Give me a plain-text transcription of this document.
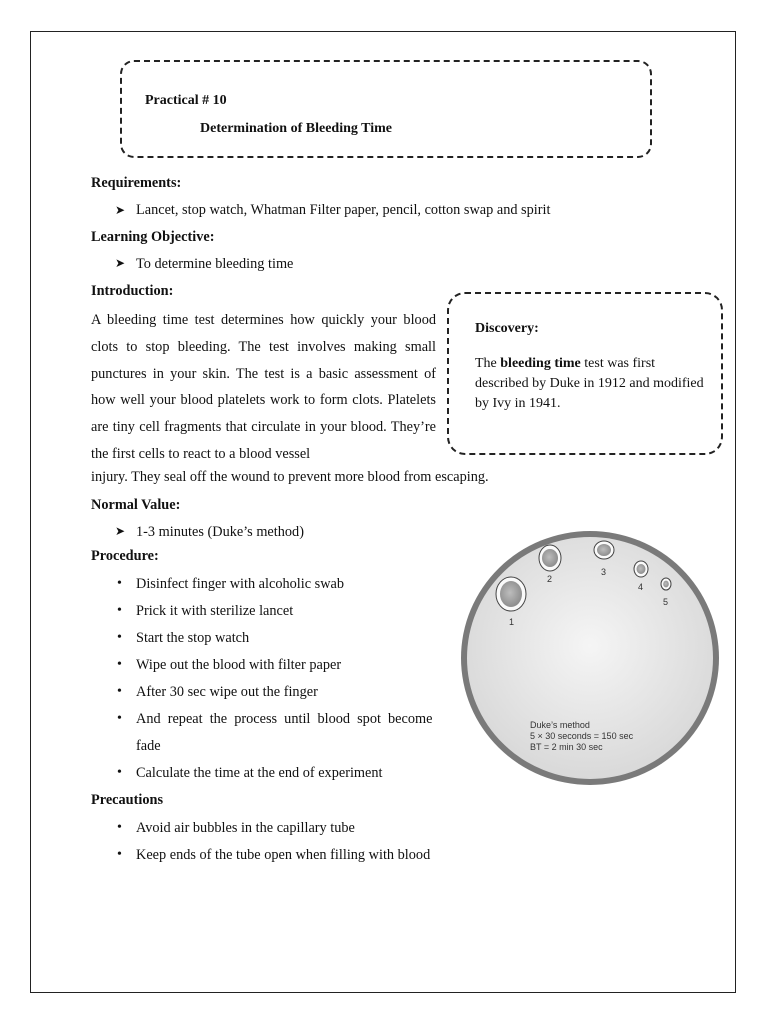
Practical # 10
Determination of Bleeding Time
Requirements:
➤ Lancet, stop watch, Whatman Filter paper, pencil, cotton swap and spirit
Learning Objective:
➤ To determine bleeding time
Introduction:
A bleeding time test determines how quickly your blood clots to stop bleeding. The test involves making small punctures in your skin. The test is a basic assessment of how well your blood platelets work to form clots. Platelets are tiny cell fragments that circulate in your blood. They’re the first cells to react to a blood vessel
injury. They seal off the wound to prevent more blood from escaping.
Discovery:
The bleeding time test was first described by Duke in 1912 and modified by Ivy in 1941.
Normal Value:
➤ 1-3 minutes (Duke’s method)
Procedure:
• Disinfect finger with alcoholic swab
• Prick it with sterilize lancet
• Start the stop watch
• Wipe out the blood with filter paper
• After 30 sec wipe out the finger
• And repeat the process until blood spot become
fade
• Calculate the time at the end of experiment
Precautions
• Avoid air bubbles in the capillary tube
• Keep ends of the tube open when filling with blood
1
2
3
4
5
Duke’s method
5 × 30 seconds = 150 sec
BT = 2 min 30 sec
